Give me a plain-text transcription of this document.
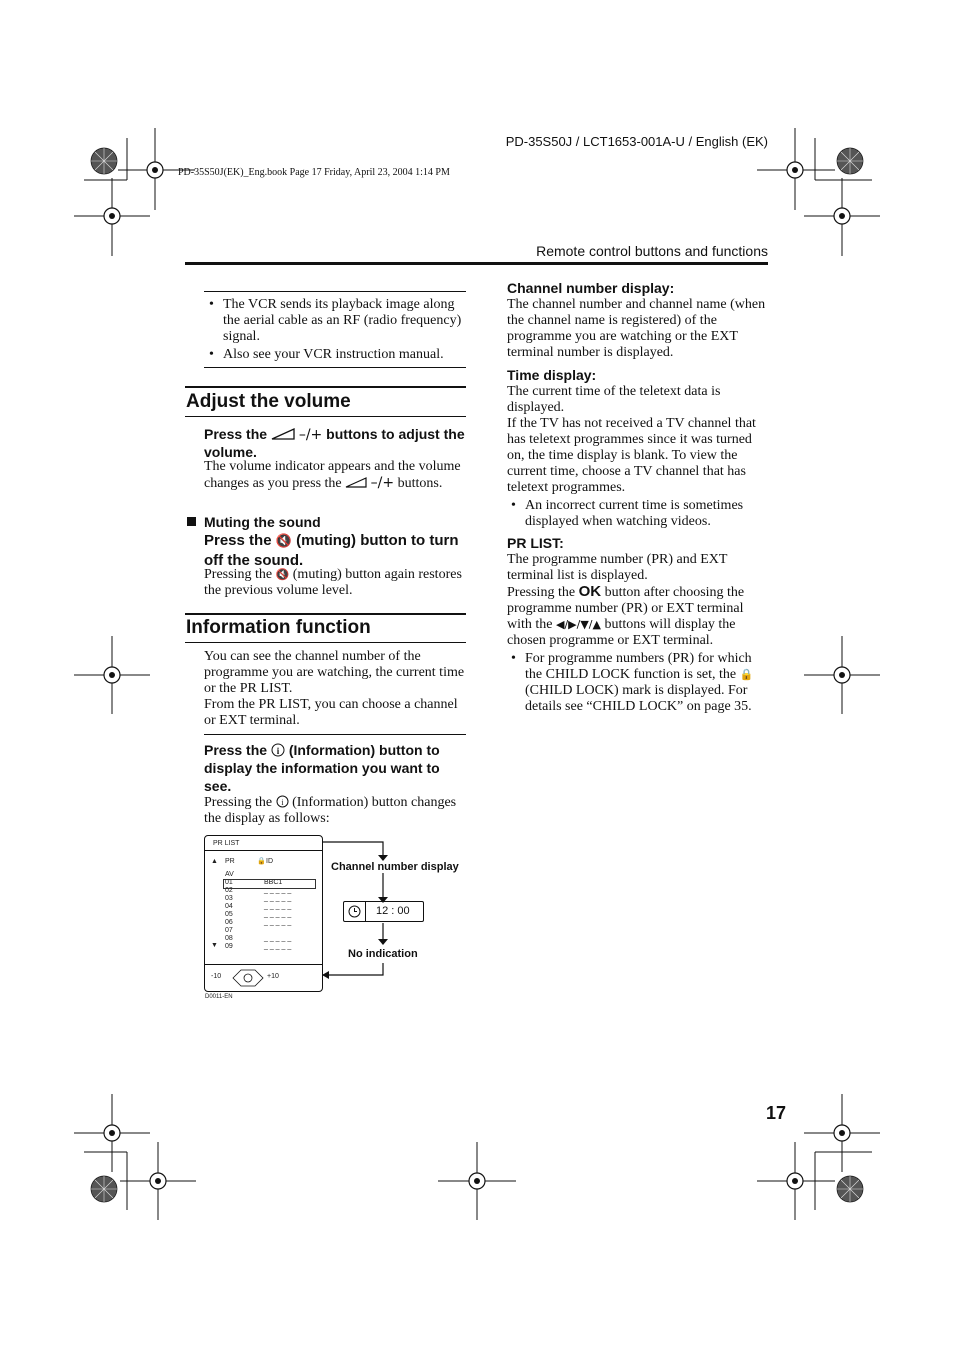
PD-35S50J / LCT1653-001A-U / English (EK)
PD-35S50J(EK)_Eng.book Page 17 Friday, April 23, 2004 1:14 PM
Remote control buttons and functions
• The VCR sends its playback image along the aerial cable as an RF (radio frequency) signal.
• Also see your VCR instruction manual.
Adjust the volume
Press the –/+ buttons to adjust the volume.
The volume indicator appears and the volume changes as you press the –/+ buttons.
Muting the sound
Press the 🔇 (muting) button to turn off the sound.
Pressing the 🔇 (muting) button again restores the previous volume level.
Information function
You can see the channel number of the programme you are watching, the current time or the PR LIST.
From the PR LIST, you can choose a channel or EXT terminal.
Press the i (Information) button to display the information you want to see.
Pressing the i (Information) button changes the display as follows:
PR LIST
▲ PR	🔒 ID
AV
01	BBC1
02	_ _ _ _ _
03	_ _ _ _ _
04	_ _ _ _ _
05	_ _ _ _ _
06	_ _ _ _ _
07
08	_ _ _ _ _
09	_ _ _ _ _
▼
-10	+10
D0011-EN
Channel number display
12 : 00
No indication
Channel number display:
The channel number and channel name (when the channel name is registered) of the programme you are watching or the EXT terminal number is displayed.
Time display:
The current time of the teletext data is displayed.
If the TV has not received a TV channel that has teletext programmes since it was turned on, the time display is blank. To view the current time, choose a TV channel that has teletext programmes.
• An incorrect current time is sometimes displayed when watching videos.
PR LIST:
The programme number (PR) and EXT terminal list is displayed.
Pressing the OK button after choosing the programme number (PR) or EXT terminal with the ◀/▶/▼/▲ buttons will display the chosen programme or EXT terminal.
• For programme numbers (PR) for which the CHILD LOCK function is set, the 🔒 (CHILD LOCK) mark is displayed. For details see “CHILD LOCK” on page 35.
17
